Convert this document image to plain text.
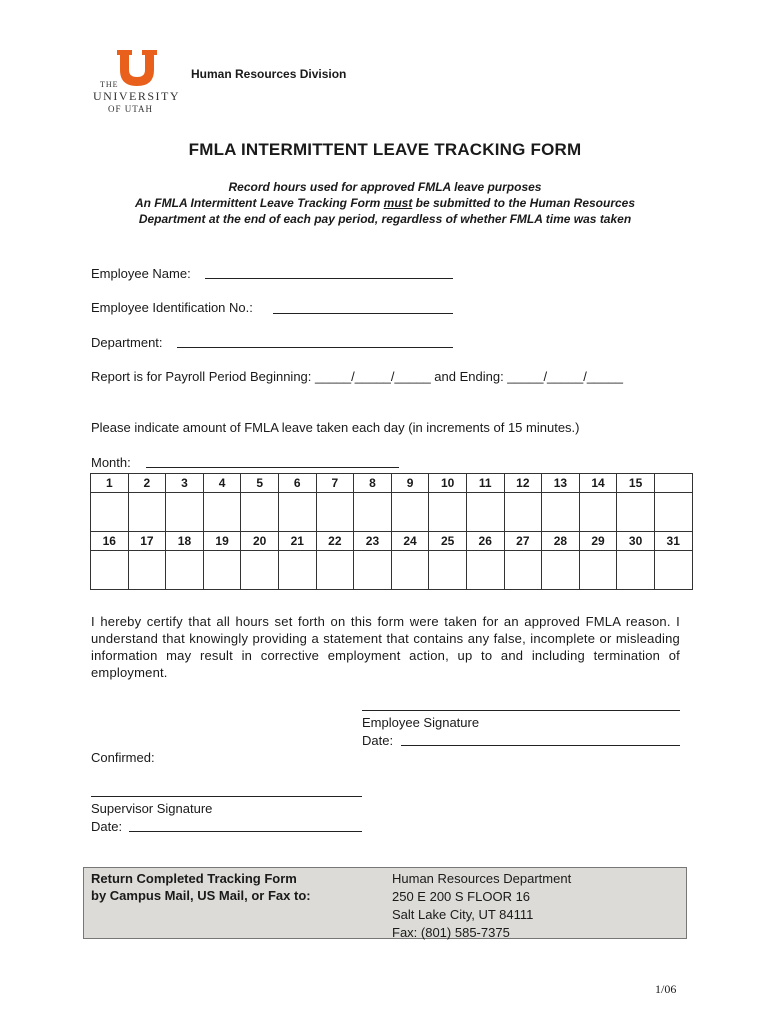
THE
UNIVERSITY
OF UTAH
Human Resources Division
FMLA INTERMITTENT LEAVE TRACKING FORM
Record hours used for approved FMLA leave purposes
An FMLA Intermittent Leave Tracking Form must be submitted to the Human Resources
Department at the end of each pay period, regardless of whether FMLA time was taken
Employee Name:
Employee Identification No.:
Department:
Report is for Payroll Period Beginning: _____/_____/_____ and Ending: _____/_____/_____
Please indicate amount of FMLA leave taken each day (in increments of 15 minutes.)
Month:
1	2	3	4	5	6	7	8	9	10	11	12	13	14	15	

16	17	18	19	20	21	22	23	24	25	26	27	28	29	30	31

I hereby certify that all hours set forth on this form were taken for an approved FMLA reason. I understand that knowingly providing a statement that contains any false, incomplete or misleading information may result in corrective employment action, up to and including termination of employment.
Employee Signature
Date:
Confirmed:
Supervisor Signature
Date:
Return Completed Tracking Form
by Campus Mail, US Mail, or Fax to:
Human Resources Department
250 E 200 S FLOOR 16
Salt Lake City, UT 84111
Fax: (801) 585-7375
1/06
